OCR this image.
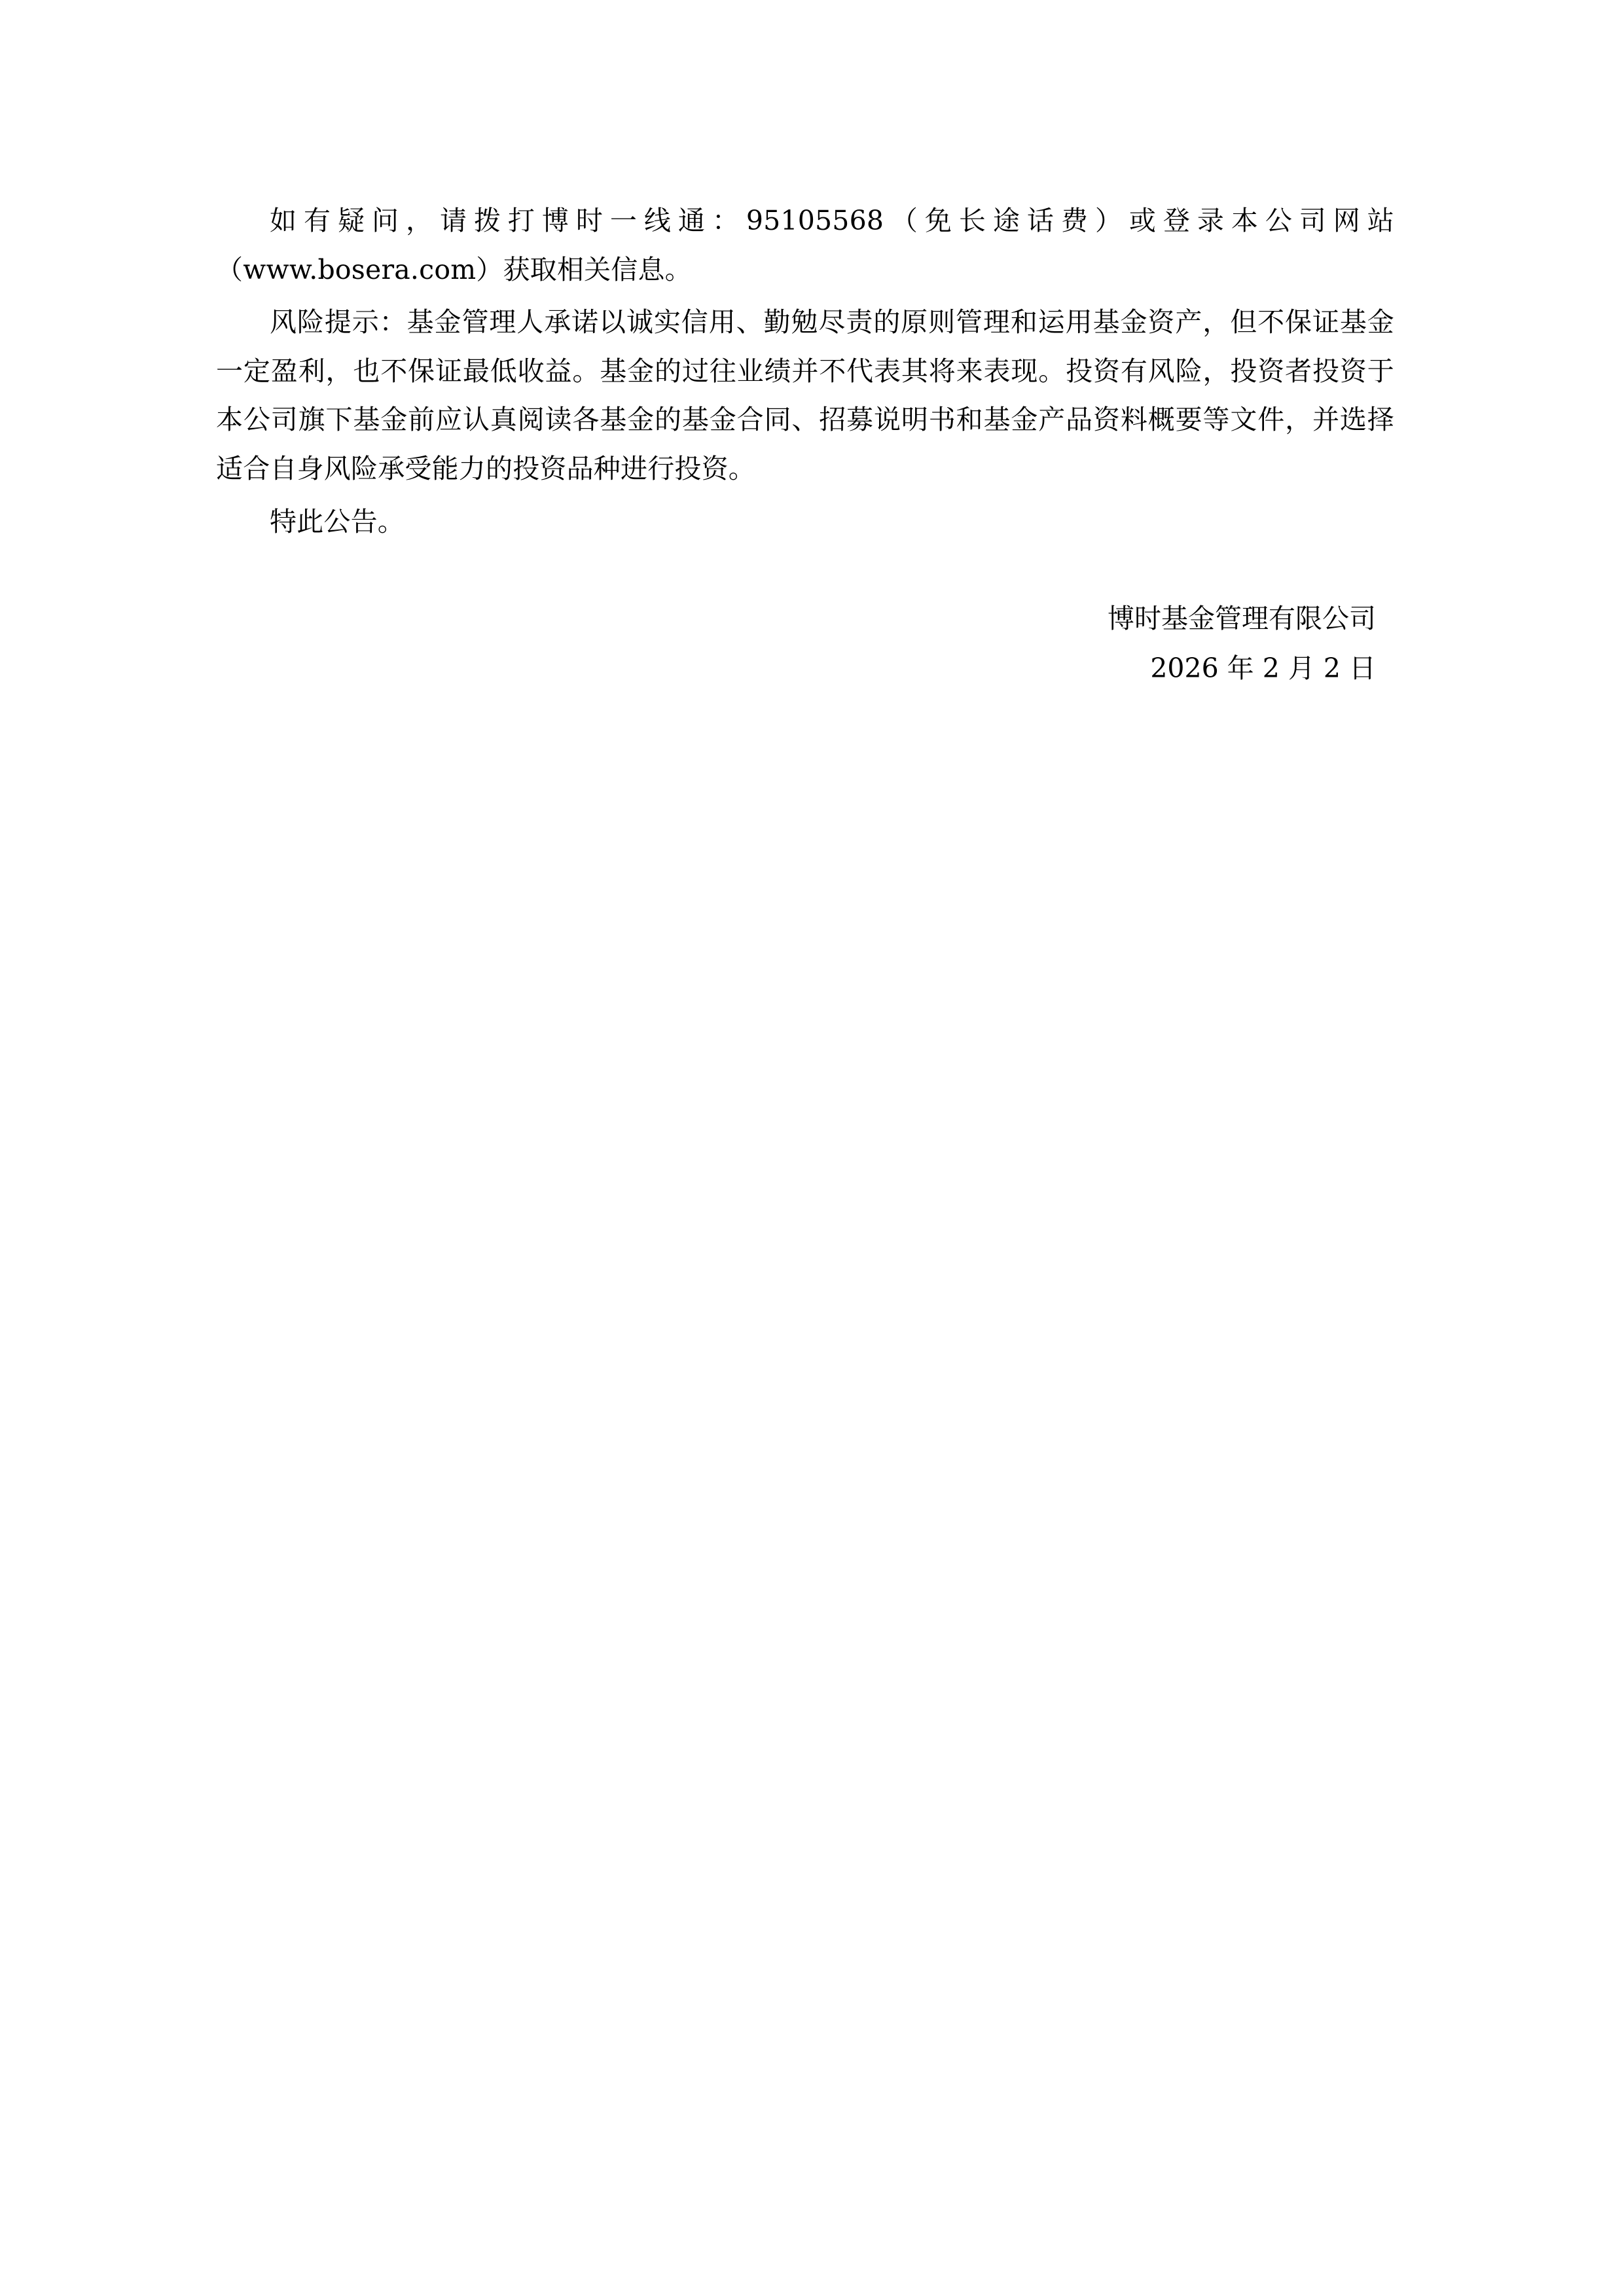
如有疑问，请拨打博时一线通：95105568（免长途话费）或登录本公司网站（www.bosera.com）获取相关信息。

风险提示：基金管理人承诺以诚实信用、勤勉尽责的原则管理和运用基金资产，但不保证基金一定盈利，也不保证最低收益。基金的过往业绩并不代表其将来表现。投资有风险，投资者投资于本公司旗下基金前应认真阅读各基金的基金合同、招募说明书和基金产品资料概要等文件，并选择适合自身风险承受能力的投资品种进行投资。

特此公告。

博时基金管理有限公司
2026 年 2 月 2 日
